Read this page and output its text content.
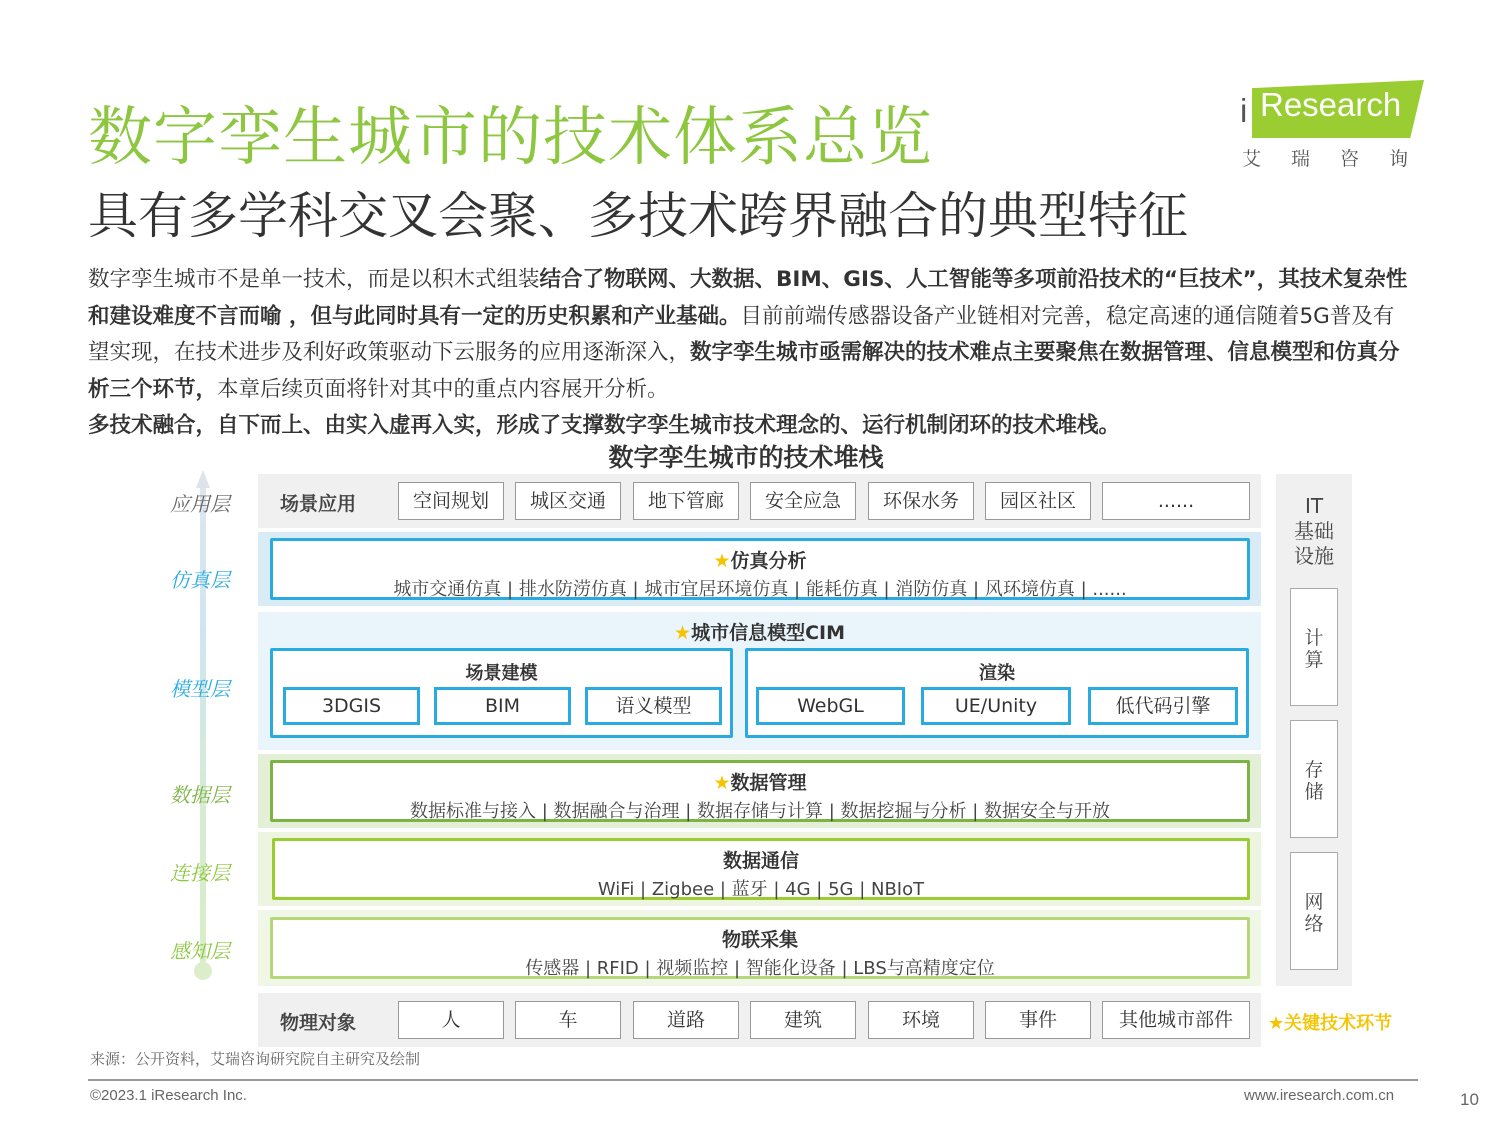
数字孪生城市的技术体系总览
具有多学科交叉会聚、多技术跨界融合的典型特征
i Research
艾瑞咨询
数字孪生城市不是单一技术，而是以积木式组装结合了物联网、大数据、BIM、GIS、人工智能等多项前沿技术的“巨技术”，其技术复杂性和建设难度不言而喻 ，但与此同时具有一定的历史积累和产业基础。目前前端传感器设备产业链相对完善，稳定高速的通信随着5G普及有望实现，在技术进步及利好政策驱动下云服务的应用逐渐深入，数字孪生城市亟需解决的技术难点主要聚焦在数据管理、信息模型和仿真分析三个环节，本章后续页面将针对其中的重点内容展开分析。
多技术融合，自下而上、由实入虚再入实，形成了支撑数字孪生城市技术理念的、运行机制闭环的技术堆栈。
数字孪生城市的技术堆栈
应用层
仿真层
模型层
数据层
连接层
感知层
场景应用	空间规划	城区交通	地下管廊	安全应急	环保水务	园区社区	......
★仿真分析
城市交通仿真 | 排水防涝仿真 | 城市宜居环境仿真 | 能耗仿真 | 消防仿真 | 风环境仿真 | ......
★城市信息模型CIM
场景建模
3DGIS	BIM	语义模型
渲染
WebGL	UE/Unity	低代码引擎
★数据管理
数据标准与接入 | 数据融合与治理 | 数据存储与计算 | 数据挖掘与分析 | 数据安全与开放
数据通信
WiFi | Zigbee | 蓝牙 | 4G | 5G | NBIoT
物联采集
传感器 | RFID | 视频监控 | 智能化设备 | LBS与高精度定位
物理对象	人	车	道路	建筑	环境	事件	其他城市部件
IT
基础
设施
计算
存储
网络
★关键技术环节
来源：公开资料，艾瑞咨询研究院自主研究及绘制
©2023.1 iResearch Inc.	www.iresearch.com.cn	10
